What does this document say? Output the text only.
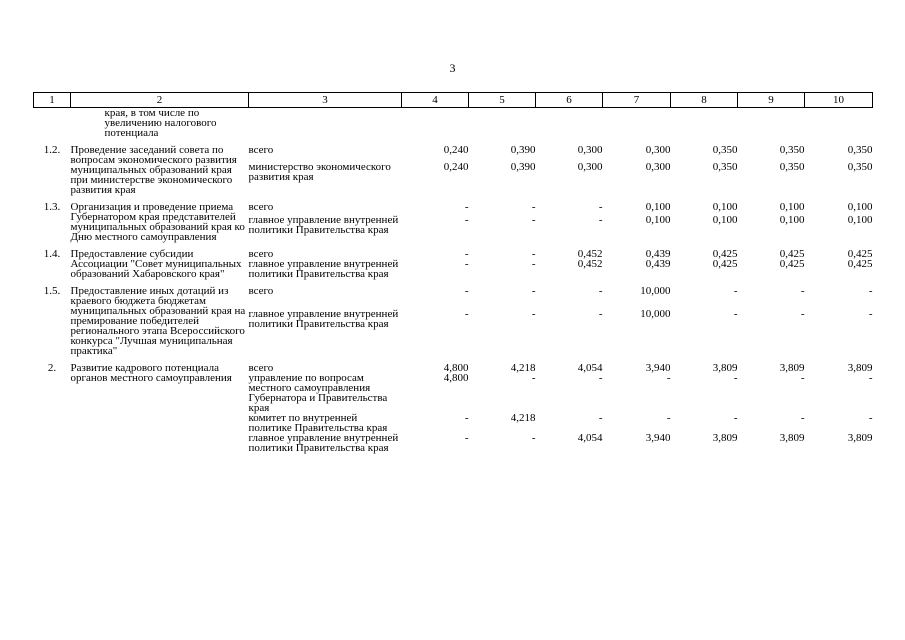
3
1	2	3	4	5	6	7	8	9	10
	края, в том числе по увеличению налогового потенциала								

1.2.	Проведение заседаний совета по вопросам экономического развития муниципальных образований края при министерстве экономического развития края	всего	0,240	0,390	0,300	0,300	0,350	0,350	0,350
		министерство экономического развития края	0,240	0,390	0,300	0,300	0,350	0,350	0,350

1.3.	Организация и проведение приема Губернатором края представителей муниципальных образований края ко Дню местного самоуправления	всего	-	-	-	0,100	0,100	0,100	0,100
		главное управление внутренней политики Правительства края	-	-	-	0,100	0,100	0,100	0,100

1.4.	Предоставление субсидии Ассоциации "Совет муниципальных образований Хабаровского края"	всего	-	-	0,452	0,439	0,425	0,425	0,425
		главное управление внутренней политики Правительства края	-	-	0,452	0,439	0,425	0,425	0,425

1.5.	Предоставление иных дотаций из краевого бюджета бюджетам муниципальных образований края на премирование победителей регионального этапа Всероссийского конкурса "Лучшая муниципальная практика"	всего	-	-	-	10,000	-	-	-
		главное управление внутренней политики Правительства края	-	-	-	10,000	-	-	-

2.	Развитие кадрового потенциала органов местного самоуправления	всего	4,800	4,218	4,054	3,940	3,809	3,809	3,809
		управление по вопросам местного самоуправления Губернатора и Правительства края	4,800	-	-	-	-	-	-
		комитет по внутренней политике Правительства края	-	4,218	-	-	-	-	-
		главное управление внутренней политики Правительства края	-	-	4,054	3,940	3,809	3,809	3,809
